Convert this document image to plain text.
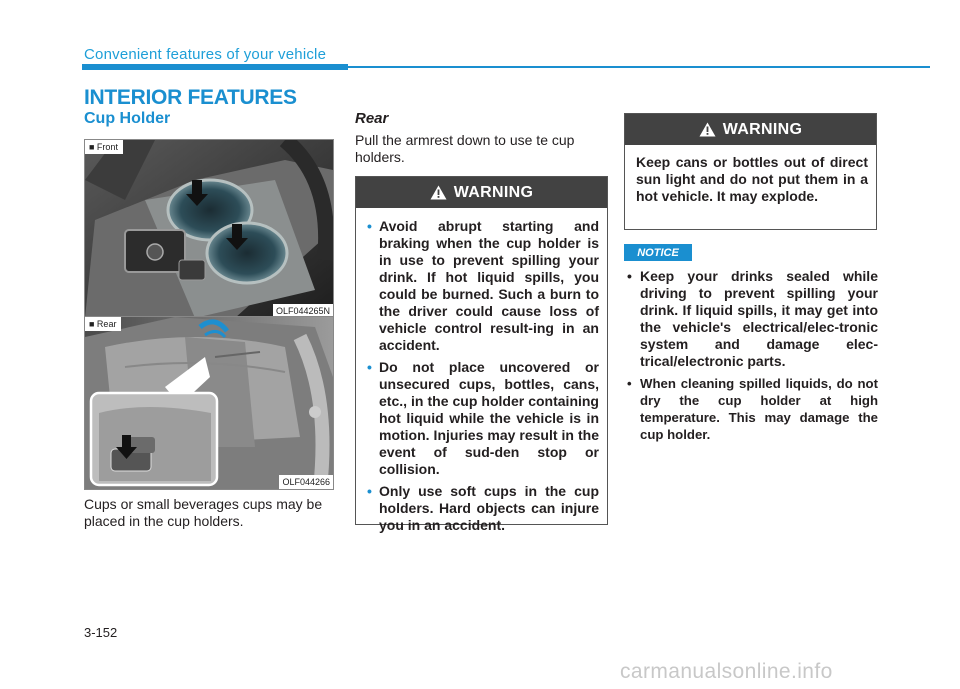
Convenient features of your vehicle
INTERIOR FEATURES
Cup Holder
■ Front
OLF044265N
■ Rear
OLF044266
Cups or small beverages cups may be placed in the cup holders.
Rear
Pull the armrest down to use te cup holders.
WARNING
• Avoid abrupt starting and braking when the cup holder is in use to prevent spilling your drink. If hot liquid spills, you could be burned. Such a burn to the driver could cause loss of vehicle control result-ing in an accident.
• Do not place uncovered or unsecured cups, bottles, cans, etc., in the cup holder containing hot liquid while the vehicle is in motion. Injuries may result in the event of sud-den stop or collision.
• Only use soft cups in the cup holders. Hard objects can injure you in an accident.
WARNING

Keep cans or bottles out of direct sun light and do not put them in a hot vehicle. It may explode.

NOTICE
• Keep your drinks sealed while driving to prevent spilling your drink. If liquid spills, it may get into the vehicle's electrical/elec-tronic system and damage elec-trical/electronic parts.
• When cleaning spilled liquids, do not dry the cup holder at high temperature. This may damage the cup holder.
3-152
carmanualsonline.info
